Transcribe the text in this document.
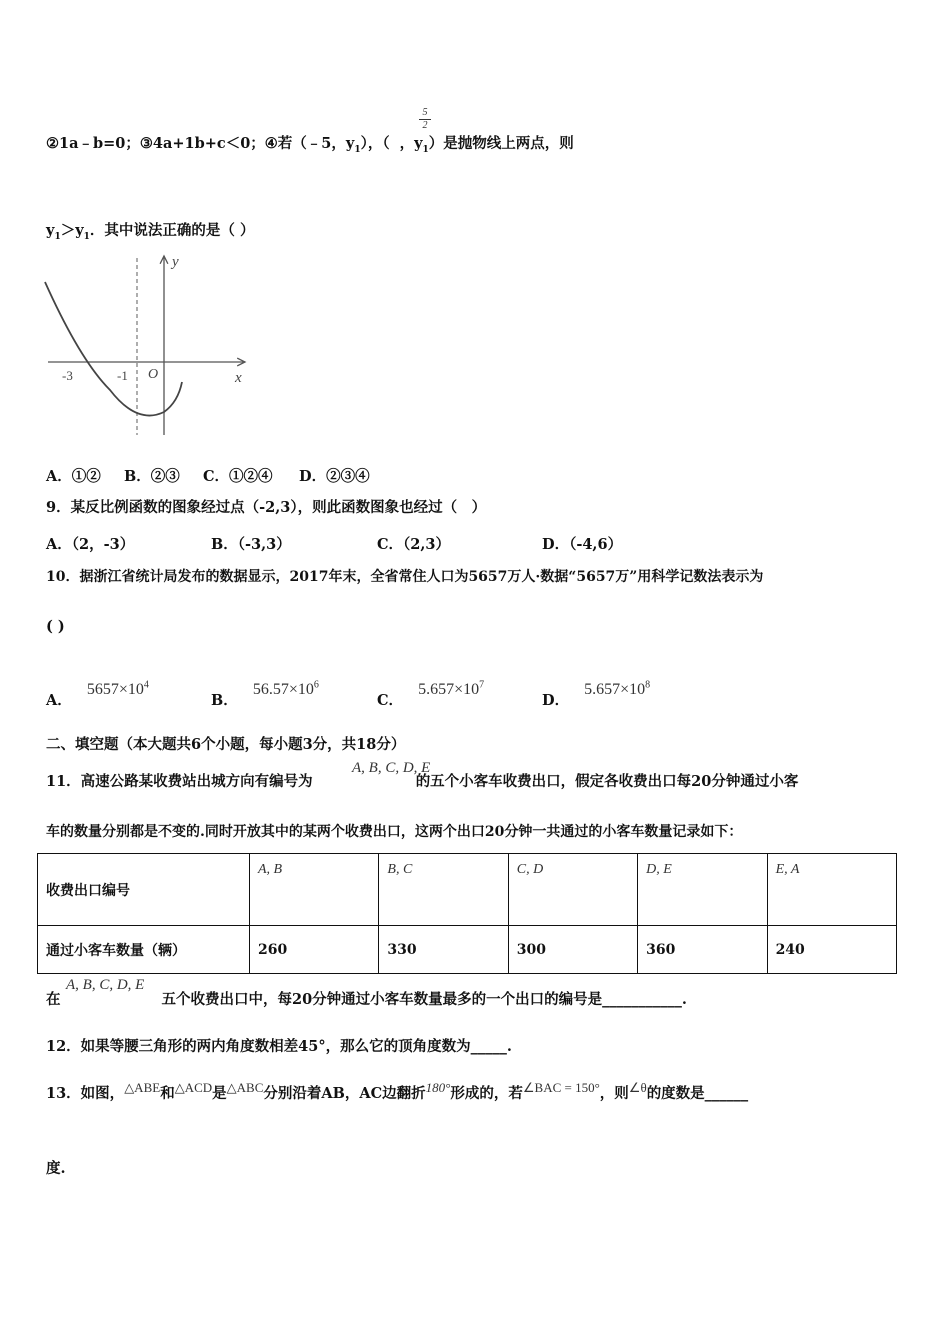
5
2
②1a﹣b=0；③4a+1b+c＜0；④若（﹣5，$y_1$），（ ，$y_1$）是抛物线上两点，则
$y_1>y_1$．其中说法正确的是（ ）
y
x
O
-3	-1
A．①② B．②③ C．①②④ D．②③④
9．某反比例函数的图象经过点（-2,3），则此函数图象也经过（　）
A．（2，-3）	B．（-3,3）	C．（2,3）	D．（-4,6）
10．据浙江省统计局发布的数据显示，2017年末，全省常住人口为5657万人·数据“5657万”用科学记数法表示为
( )
A． $5657\times 10^4$
B． $56.57\times 10^6$
C． $5.657\times 10^7$
D． $5.657\times 10^8$
二、填空题（本大题共6个小题，每小题3分，共18分）
A, B, C, D, E
11．高速公路某收费站出城方向有编号为	的五个小客车收费出口，假定各收费出口每20分钟通过小客
车的数量分别都是不变的.同时开放其中的某两个收费出口，这两个出口20分钟一共通过的小客车数量记录如下：
收费出口编号	A, B	B, C	C, D	D, E	E, A
通过小客车数量（辆）	260	330	300	360	240
A, B, C, D, E
在	五个收费出口中，每20分钟通过小客车数量最多的一个出口的编号是___________.
12．如果等腰三角形的两内角度数相差45°，那么它的顶角度数为_____.
13．如图，△ABE和△ACD是△ABC分别沿着AB，AC边翻折180°形成的，若∠BAC = 150°，则∠θ的度数是______
度.
